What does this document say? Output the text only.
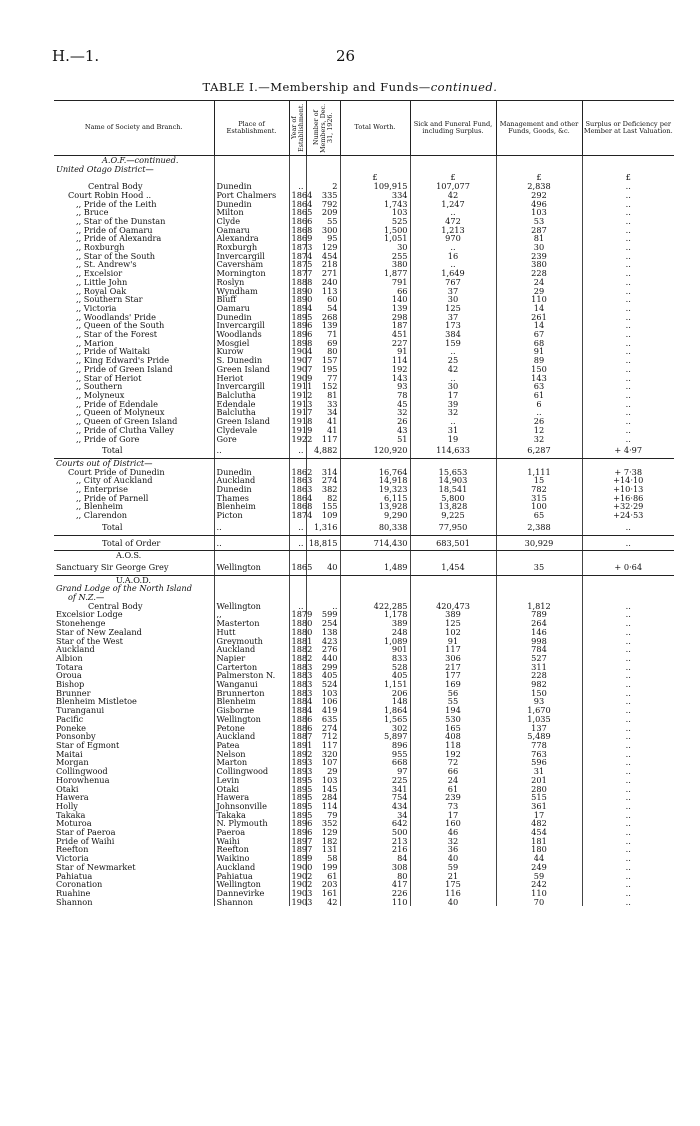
H.—1.	26
TABLE I.—Membership and Funds—continued.
Name of Society and Branch.	Place of Establishment.	Year of Establishment.	Number of Members, Dec. 31, 1926.	Total Worth.	Sick and Funeral Fund, including Surplus.	Management and other Funds, Goods, &c.	Surplus or Deficiency per Member at Last Valuation.
A.O.F.—continued.							
United Otago District—							
				£	£	£	£
Central Body	Dunedin	..	2	109,915	107,077	2,838	..
Court Robin Hood ..	Port Chalmers	1864	335	334	42	292	..
,, Pride of the Leith	Dunedin	1864	792	1,743	1,247	496	..
,, Bruce	Milton	1865	209	103	..	103	..
,, Star of the Dunstan	Clyde	1866	55	525	472	53	..
,, Pride of Oamaru	Oamaru	1868	300	1,500	1,213	287	..
,, Pride of Alexandra	Alexandra	1869	95	1,051	970	81	..
,, Roxburgh	Roxburgh	1873	129	30	..	30	..
,, Star of the South	Invercargill	1874	454	255	16	239	..
,, St. Andrew's	Caversham	1875	218	380	..	380	..
,, Excelsior	Mornington	1877	271	1,877	1,649	228	..
,, Little John	Roslyn	1888	240	791	767	24	..
,, Royal Oak	Wyndham	1890	113	66	37	29	..
,, Southern Star	Bluff	1890	60	140	30	110	..
,, Victoria	Oamaru	1894	54	139	125	14	..
,, Woodlands' Pride	Dunedin	1895	268	298	37	261	..
,, Queen of the South	Invercargill	1896	139	187	173	14	..
,, Star of the Forest	Woodlands	1896	71	451	384	67	..
,, Marion	Mosgiel	1898	69	227	159	68	..
,, Pride of Waitaki	Kurow	1904	80	91	..	91	..
,, King Edward's Pride	S. Dunedin	1907	157	114	25	89	..
,, Pride of Green Island	Green Island	1907	195	192	42	150	..
,, Star of Heriot	Heriot	1909	77	143	..	143	..
,, Southern	Invercargill	1911	152	93	30	63	..
,, Molyneux	Balclutha	1912	81	78	17	61	..
,, Pride of Edendale	Edendale	1913	33	45	39	6	..
,, Queen of Molyneux	Balclutha	1917	34	32	32	..	..
,, Queen of Green Island	Green Island	1918	41	26	..	26	..
,, Pride of Clutha Valley	Clydevale	1919	41	43	31	12	..
,, Pride of Gore	Gore	1922	117	51	19	32	..
Total	..	..	4,882	120,920	114,633	6,287	+ 4·97
Courts out of District—							
Court Pride of Dunedin	Dunedin	1862	314	16,764	15,653	1,111	+ 7·38
,, City of Auckland	Auckland	1863	274	14,918	14,903	15	+14·10
,, Enterprise	Dunedin	1863	382	19,323	18,541	782	+10·13
,, Pride of Parnell	Thames	1864	82	6,115	5,800	315	+16·86
,, Blenheim	Blenheim	1868	155	13,928	13,828	100	+32·29
,, Clarendon	Picton	1874	109	9,290	9,225	65	+24·53
Total	..	..	1,316	80,338	77,950	2,388	..
Total of Order	..	..	18,815	714,430	683,501	30,929	..
A.O.S.							
Sanctuary Sir George Grey	Wellington	1865	40	1,489	1,454	35	+ 0·64
U.A.O.D.							
Grand Lodge of the North Island							
of N.Z.—							
Central Body	Wellington	..	..	422,285	420,473	1,812	..
Excelsior Lodge	,,	1879	599	1,178	389	789	..
Stonehenge	Masterton	1880	254	389	125	264	..
Star of New Zealand	Hutt	1880	138	248	102	146	..
Star of the West	Greymouth	1881	423	1,089	91	998	..
Auckland	Auckland	1882	276	901	117	784	..
Albion	Napier	1882	440	833	306	527	..
Totara	Carterton	1883	299	528	217	311	..
Oroua	Palmerston N.	1883	405	405	177	228	..
Bishop	Wanganui	1883	524	1,151	169	982	..
Brunner	Brunnerton	1883	103	206	56	150	..
Blenheim Mistletoe	Blenheim	1884	106	148	55	93	..
Turanganui	Gisborne	1884	419	1,864	194	1,670	..
Pacific	Wellington	1886	635	1,565	530	1,035	..
Poneke	Petone	1886	274	302	165	137	..
Ponsonby	Auckland	1887	712	5,897	408	5,489	..
Star of Egmont	Patea	1891	117	896	118	778	..
Maitai	Nelson	1892	320	955	192	763	..
Morgan	Marton	1893	107	668	72	596	..
Collingwood	Collingwood	1893	29	97	66	31	..
Horowhenua	Levin	1895	103	225	24	201	..
Otaki	Otaki	1895	145	341	61	280	..
Hawera	Hawera	1895	284	754	239	515	..
Holly	Johnsonville	1895	114	434	73	361	..
Takaka	Takaka	1895	79	34	17	17	..
Moturoa	N. Plymouth	1896	352	642	160	482	..
Star of Paeroa	Paeroa	1896	129	500	46	454	..
Pride of Waihi	Waihi	1897	182	213	32	181	..
Reefton	Reefton	1897	131	216	36	180	..
Victoria	Waikino	1899	58	84	40	44	..
Star of Newmarket	Auckland	1900	199	308	59	249	..
Pahiatua	Pahiatua	1902	61	80	21	59	..
Coronation	Wellington	1902	203	417	175	242	..
Ruahine	Dannevirke	1903	161	226	116	110	..
Shannon	Shannon	1903	42	110	40	70	..
